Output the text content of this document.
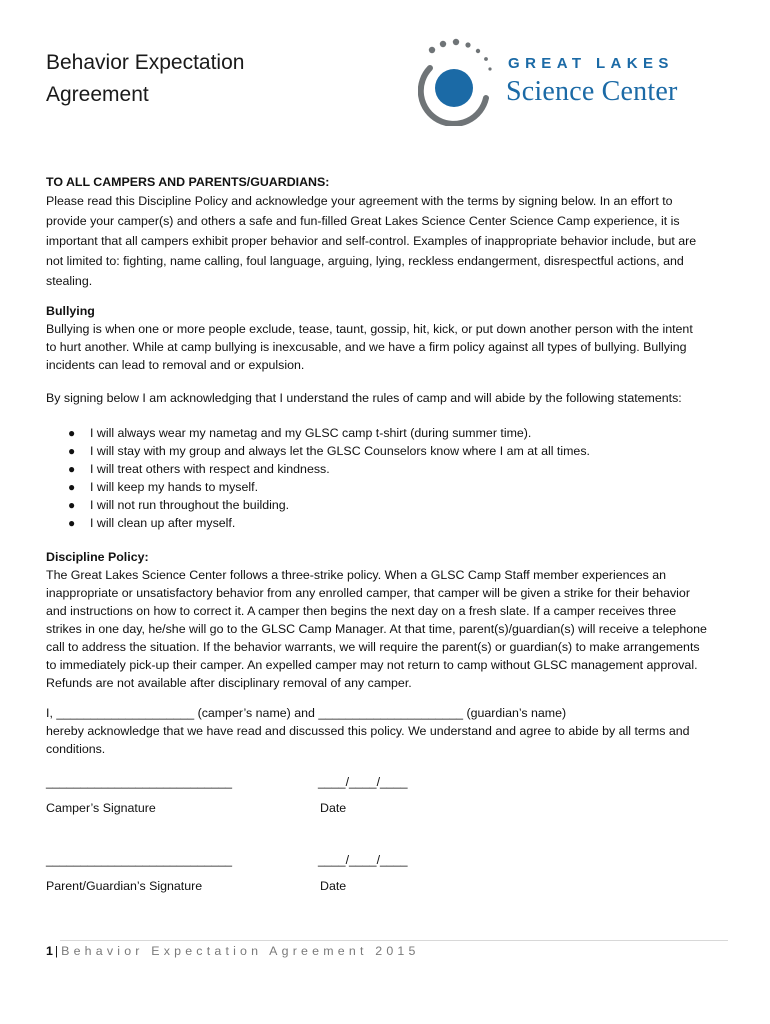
Behavior Expectation
Agreement
GREAT LAKES
Science Center

TO ALL CAMPERS AND PARENTS/GUARDIANS:

Please read this Discipline Policy and acknowledge your agreement with the terms by signing below. In an effort to

provide your camper(s) and others a safe and fun-filled Great Lakes Science Center Science Camp experience, it is

important that all campers exhibit proper behavior and self-control. Examples of inappropriate behavior include, but are

not limited to: fighting, name calling, foul language, arguing, lying, reckless endangerment, disrespectful actions, and

stealing.

Bullying

Bullying is when one or more people exclude, tease, taunt, gossip, hit, kick, or put down another person with the intent

to hurt another. While at camp bullying is inexcusable, and we have a firm policy against all types of bullying. Bullying

incidents can lead to removal and or expulsion.

By signing below I am acknowledging that I understand the rules of camp and will abide by the following statements:
● I will always wear my nametag and my GLSC camp t-shirt (during summer time).
● I will stay with my group and always let the GLSC Counselors know where I am at all times.
● I will treat others with respect and kindness.
● I will keep my hands to myself.
● I will not run throughout the building.
● I will clean up after myself.

Discipline Policy:

The Great Lakes Science Center follows a three-strike policy. When a GLSC Camp Staff member experiences an

inappropriate or unsatisfactory behavior from any enrolled camper, that camper will be given a strike for their behavior

and instructions on how to correct it. A camper then begins the next day on a fresh slate. If a camper receives three

strikes in one day, he/she will go to the GLSC Camp Manager. At that time, parent(s)/guardian(s) will receive a telephone

call to address the situation. If the behavior warrants, we will require the parent(s) or guardian(s) to make arrangements

to immediately pick-up their camper. An expelled camper may not return to camp without GLSC management approval.

Refunds are not available after disciplinary removal of any camper.

I, ____________________ (camper’s name) and _____________________ (guardian’s name)

hereby acknowledge that we have read and discussed this policy. We understand and agree to abide by all terms and

conditions.

___________________________	____/____/____
Camper’s Signature	Date
___________________________	____/____/____
Parent/Guardian’s Signature	Date
1 | Behavior Expectation Agreement 2015
